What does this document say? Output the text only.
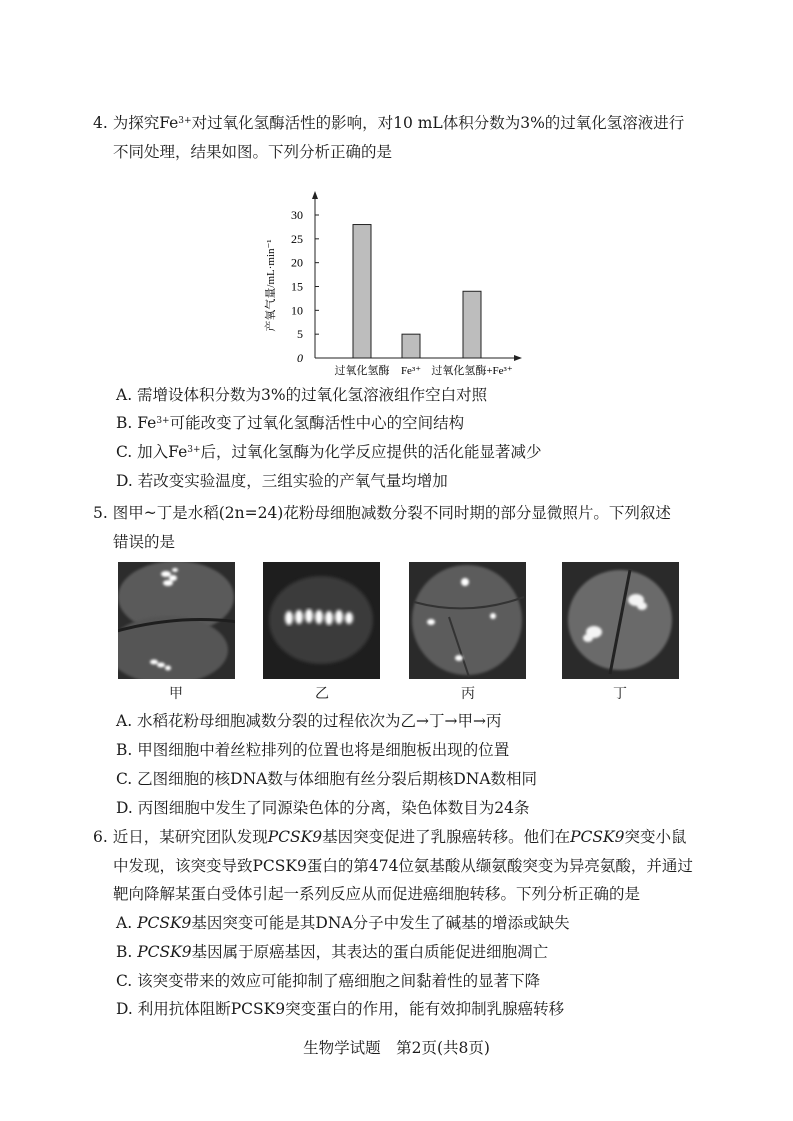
4. 为探究$Fe^{3+}$对过氧化氢酶活性的影响，对10 mL体积分数为3%的过氧化氢溶液进行
不同处理，结果如图。下列分析正确的是
0
5
10
15
20
25
30
产氧气量/mL·min⁻¹
过氧化氢酶 Fe³⁺ 过氧化氢酶+Fe³⁺
A. 需增设体积分数为3%的过氧化氢溶液组作空白对照
B. $Fe^{3+}$可能改变了过氧化氢酶活性中心的空间结构
C. 加入$Fe^{3+}$后，过氧化氢酶为化学反应提供的活化能显著减少
D. 若改变实验温度，三组实验的产氧气量均增加
5. 图甲~丁是水稻(2n=24)花粉母细胞减数分裂不同时期的部分显微照片。下列叙述
错误的是
甲	乙	丙	丁
A. 水稻花粉母细胞减数分裂的过程依次为乙→丁→甲→丙
B. 甲图细胞中着丝粒排列的位置也将是细胞板出现的位置
C. 乙图细胞的核DNA数与体细胞有丝分裂后期核DNA数相同
D. 丙图细胞中发生了同源染色体的分离，染色体数目为24条
6. 近日，某研究团队发现PCSK9基因突变促进了乳腺癌转移。他们在PCSK9突变小鼠
中发现，该突变导致PCSK9蛋白的第474位氨基酸从缬氨酸突变为异亮氨酸，并通过
靶向降解某蛋白受体引起一系列反应从而促进癌细胞转移。下列分析正确的是
A. PCSK9基因突变可能是其DNA分子中发生了碱基的增添或缺失
B. PCSK9基因属于原癌基因，其表达的蛋白质能促进细胞凋亡
C. 该突变带来的效应可能抑制了癌细胞之间黏着性的显著下降
D. 利用抗体阻断PCSK9突变蛋白的作用，能有效抑制乳腺癌转移
生物学试题　第2页(共8页)
